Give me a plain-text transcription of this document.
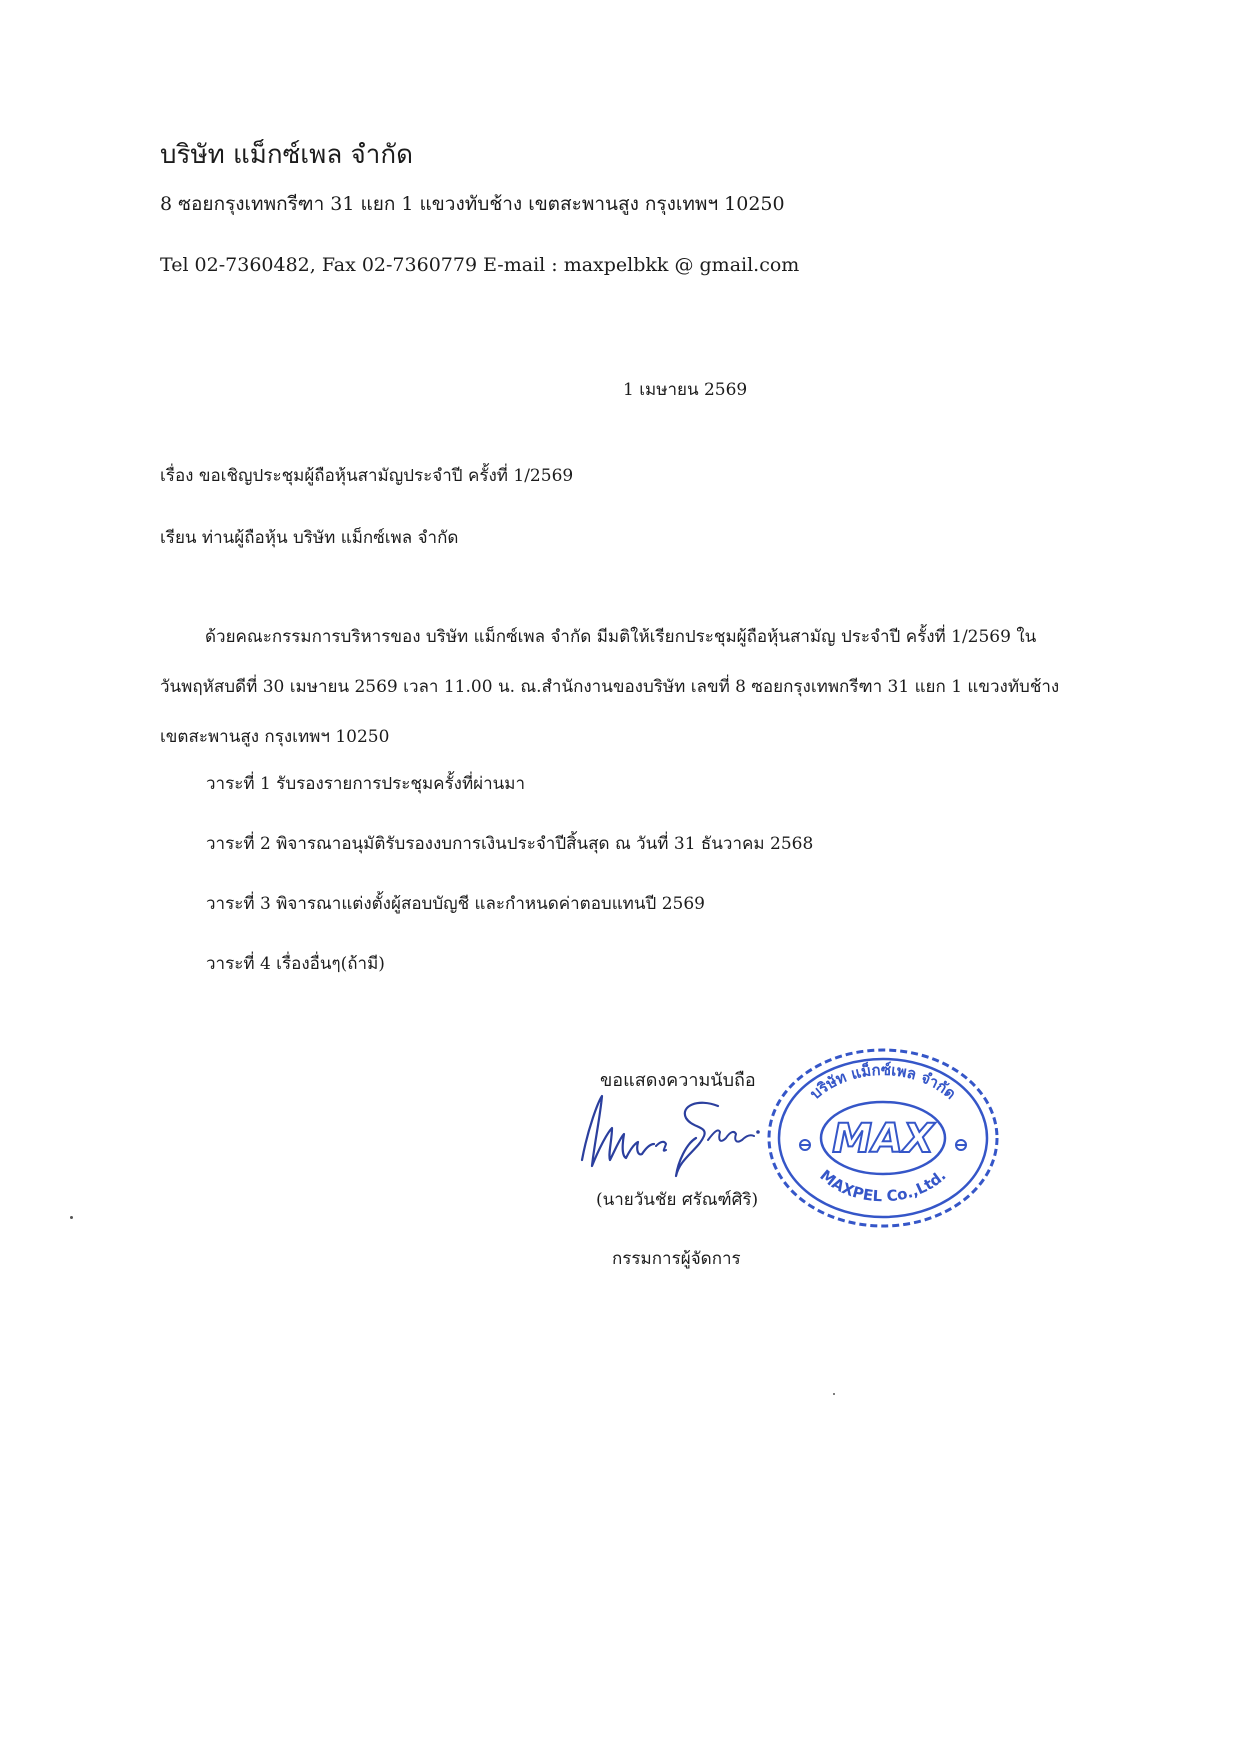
บริษัท แม็กซ์เพล จำกัด
8 ซอยกรุงเทพกรีฑา 31 แยก 1 แขวงทับช้าง เขตสะพานสูง กรุงเทพฯ 10250
Tel 02-7360482, Fax 02-7360779 E-mail : maxpelbkk @ gmail.com
1 เมษายน 2569
เรื่อง ขอเชิญประชุมผู้ถือหุ้นสามัญประจำปี ครั้งที่ 1/2569
เรียน ท่านผู้ถือหุ้น บริษัท แม็กซ์เพล จำกัด

ด้วยคณะกรรมการบริหารของ บริษัท แม็กซ์เพล จำกัด มีมติให้เรียกประชุมผู้ถือหุ้นสามัญ ประจำปี ครั้งที่ 1/2569 ใน

วันพฤหัสบดีที่ 30 เมษายน 2569 เวลา 11.00 น. ณ.สำนักงานของบริษัท เลขที่ 8 ซอยกรุงเทพกรีฑา 31 แยก 1 แขวงทับช้าง

เขตสะพานสูง กรุงเทพฯ 10250

วาระที่ 1 รับรองรายการประชุมครั้งที่ผ่านมา
วาระที่ 2 พิจารณาอนุมัติรับรองงบการเงินประจำปีสิ้นสุด ณ วันที่ 31 ธันวาคม 2568
วาระที่ 3 พิจารณาแต่งตั้งผู้สอบบัญชี และกำหนดค่าตอบแทนปี 2569
วาระที่ 4 เรื่องอื่นๆ(ถ้ามี)
ขอแสดงความนับถือ
บริษัท แม็กซ์เพล จำกัด
MAXPEL Co.,Ltd.
MAX
(นายวันชัย ศรัณฑ์ศิริ)
กรรมการผู้จัดการ
